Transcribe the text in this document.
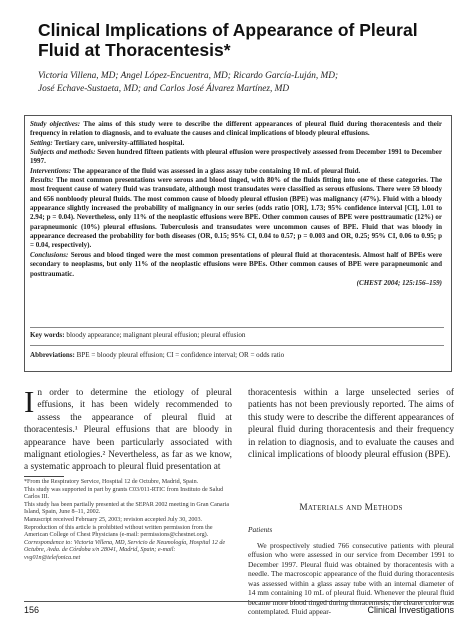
Clinical Implications of Appearance of Pleural Fluid at Thoracentesis*
Victoria Villena, MD; Angel López-Encuentra, MD; Ricardo García-Luján, MD;
José Echave-Sustaeta, MD; and Carlos José Álvarez Martínez, MD

Study objectives: The aims of this study were to describe the different appearances of pleural fluid during thoracentesis and their frequency in relation to diagnosis, and to evaluate the causes and clinical implications of bloody pleural effusions.

Setting: Tertiary care, university-affiliated hospital.

Subjects and methods: Seven hundred fifteen patients with pleural effusion were prospectively assessed from December 1991 to December 1997.

Interventions: The appearance of the fluid was assessed in a glass assay tube containing 10 mL of pleural fluid.

Results: The most common presentations were serous and blood tinged, with 80% of the fluids fitting into one of these categories. The most frequent cause of watery fluid was transudate, although most transudates were classified as serous effusions. There were 59 bloody and 656 nonbloody pleural fluids. The most common cause of bloody pleural effusion (BPE) was malignancy (47%). Fluid with a bloody appearance slightly increased the probability of malignancy in our series (odds ratio [OR], 1.73; 95% confidence interval [CI], 1.01 to 2.94; p = 0.04). Nevertheless, only 11% of the neoplastic effusions were BPE. Other common causes of BPE were posttraumatic (12%) or parapneumonic (10%) pleural effusions. Tuberculosis and transudates were uncommon causes of BPE. Fluid that was bloody in appearance decreased the probability for both diseases (OR, 0.15; 95% CI, 0.04 to 0.57; p = 0.003 and OR, 0.25; 95% CI, 0.06 to 0.95; p = 0.04, respectively).

Conclusions: Serous and blood tinged were the most common presentations of pleural fluid at thoracentesis. Almost half of BPEs were secondary to neoplasms, but only 11% of the neoplastic effusions were BPEs. Other common causes of BPE were parapneumonic and posttraumatic.

(CHEST 2004; 125:156–159)

Key words: bloody appearance; malignant pleural effusion; pleural effusion
Abbreviations: BPE = bloody pleural effusion; CI = confidence interval; OR = odds ratio
In order to determine the etiology of pleural effusions, it has been widely recommended to assess the appearance of pleural fluid at thoracentesis.¹ Pleural effusions that are bloody in appearance have been particularly associated with malignant etiologies.² Nevertheless, as far as we know, a systematic approach to pleural fluid presentation at
thoracentesis within a large unselected series of patients has not been previously reported. The aims of this study were to describe the different appearances of pleural fluid during thoracentesis and their frequency in relation to diagnosis, and to evaluate the causes and clinical implications of bloody pleural effusion (BPE).

*From the Respiratory Service, Hospital 12 de Octubre, Madrid, Spain.

This study was supported in part by grants C03/011-RTIC from Instituto de Salud Carlos III.

This study has been partially presented at the SEPAR 2002 meeting in Gran Canaria Island, Spain, June 8–11, 2002.

Manuscript received February 25, 2003; revision accepted July 30, 2003.

Reproduction of this article is prohibited without written permission from the American College of Chest Physicians (e-mail: permissions@chestnet.org).

Correspondence to: Victoria Villena, MD, Servicio de Neumología, Hospital 12 de Octubre, Avda. de Córdoba s/n 28041, Madrid, Spain; e-mail: vvg01n@telefonica.net

Materials and Methods
Patients
We prospectively studied 766 consecutive patients with pleural effusion who were assessed in our service from December 1991 to December 1997. Pleural fluid was obtained by thoracentesis with a needle. The macroscopic appearance of the fluid during thoracentesis was assessed within a glass assay tube with an internal diameter of 14 mm containing 10 mL of pleural fluid. Whenever the pleural fluid became more blood tinged during thoracentesis, the clearer color was contemplated. Fluid appear-
156	Clinical Investigations
